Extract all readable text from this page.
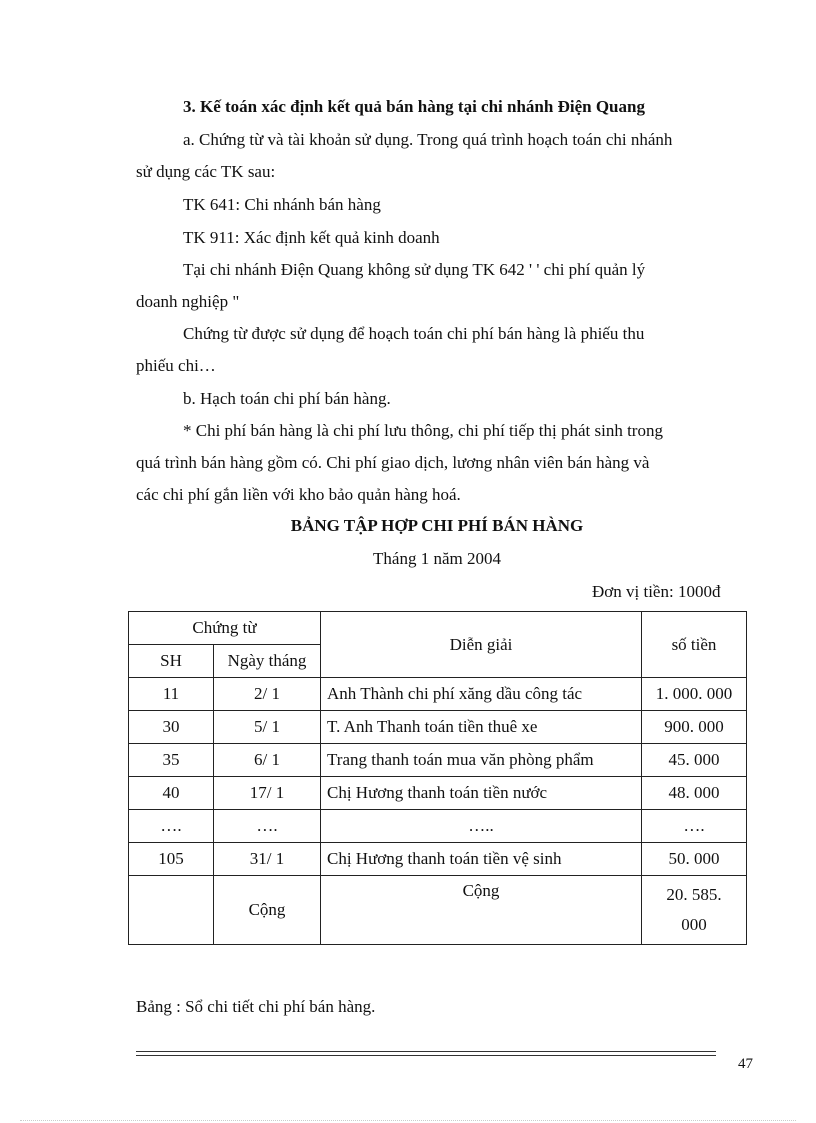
3. Kế toán xác định kết quả bán hàng tại chi nhánh Điện Quang
a. Chứng từ và tài khoản sử dụng. Trong quá trình hoạch toán chi nhánh
sử dụng các TK sau:
TK 641: Chi nhánh bán hàng
TK 911: Xác định kết quả kinh doanh
Tại chi nhánh Điện Quang không sử dụng TK 642 ' ' chi phí quản lý
doanh nghiệp "
Chứng từ được sử dụng để hoạch toán chi phí bán hàng là phiếu thu
phiếu chi…
b. Hạch toán chi phí bán hàng.
* Chi phí bán hàng là chi phí lưu thông, chi phí tiếp thị phát sinh trong
quá trình bán hàng gồm có. Chi phí giao dịch, lương nhân viên bán hàng và
các chi phí gắn liền với kho bảo quản hàng hoá.
BẢNG TẬP HỢP CHI PHÍ BÁN HÀNG
Tháng 1 năm 2004
Đơn vị tiền: 1000đ
Chứng từ		Diễn giải	số tiền
SH	Ngày tháng		
11	2/ 1	Anh Thành chi phí xăng dầu công tác	1. 000. 000
30	5/ 1	T. Anh Thanh toán tiền thuê xe	900. 000
35	6/ 1	Trang thanh toán mua văn phòng phẩm	45. 000
40	17/ 1	Chị Hương thanh toán tiền nước	48. 000
….	….	…..	….
105	31/ 1	Chị Hương thanh toán tiền vệ sinh	50. 000
	Cộng	Cộng	20. 585.
000
Bảng : Sổ chi tiết chi phí bán hàng.
47
